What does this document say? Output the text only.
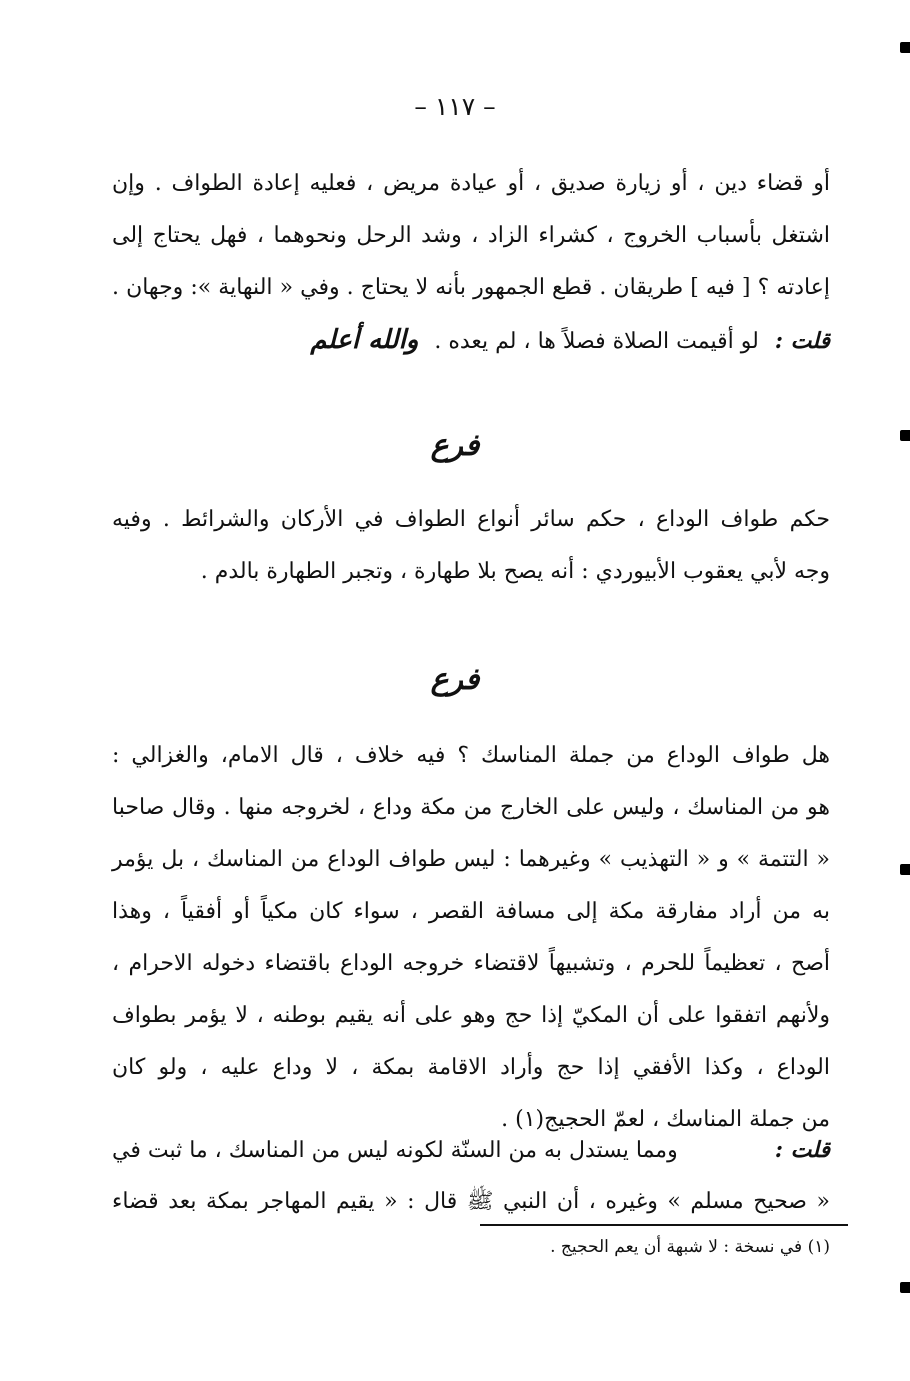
– ١١٧ –
أو قضاء دين ، أو زيارة صديق ، أو عيادة مريض ، فعليه إعادة الطواف . وإن
اشتغل بأسباب الخروج ، كشراء الزاد ، وشد الرحل ونحوهما ، فهل يحتاج إلى
إعادته ؟ [ فيه ] طريقان . قطع الجمهور بأنه لا يحتاج . وفي « النهاية »: وجهان .
قلت :
لو أقيمت الصلاة فصلاً ها ، لم يعده .
والله أعلم
فرع
حكم طواف الوداع ، حكم سائر أنواع الطواف في الأركان والشرائط . وفيه
وجه لأبي يعقوب الأبيوردي : أنه يصح بلا طهارة ، وتجبر الطهارة بالدم .
فرع
هل طواف الوداع من جملة المناسك ؟ فيه خلاف ، قال الامام، والغزالي :
هو من المناسك ، وليس على الخارج من مكة وداع ، لخروجه منها . وقال صاحبا
« التتمة » و « التهذيب » وغيرهما : ليس طواف الوداع من المناسك ، بل يؤمر
به من أراد مفارقة مكة إلى مسافة القصر ، سواء كان مكياً أو أفقياً ، وهذا
أصح ، تعظيماً للحرم ، وتشبيهاً لاقتضاء خروجه الوداع باقتضاء دخوله الاحرام ،
ولأنهم اتفقوا على أن المكيّ إذا حج وهو على أنه يقيم بوطنه ، لا يؤمر بطواف
الوداع ، وكذا الأفقي إذا حج وأراد الاقامة بمكة ، لا وداع عليه ، ولو كان
من جملة المناسك ، لعمّ الحجيج(١) .
قلت :
ومما يستدل به من السنّة لكونه ليس من المناسك ، ما ثبت في
« صحيح مسلم » وغيره ، أن النبي ﷺ قال : « يقيم المهاجر بمكة بعد قضاء
(١) في نسخة : لا شبهة أن يعم الحجيج .
